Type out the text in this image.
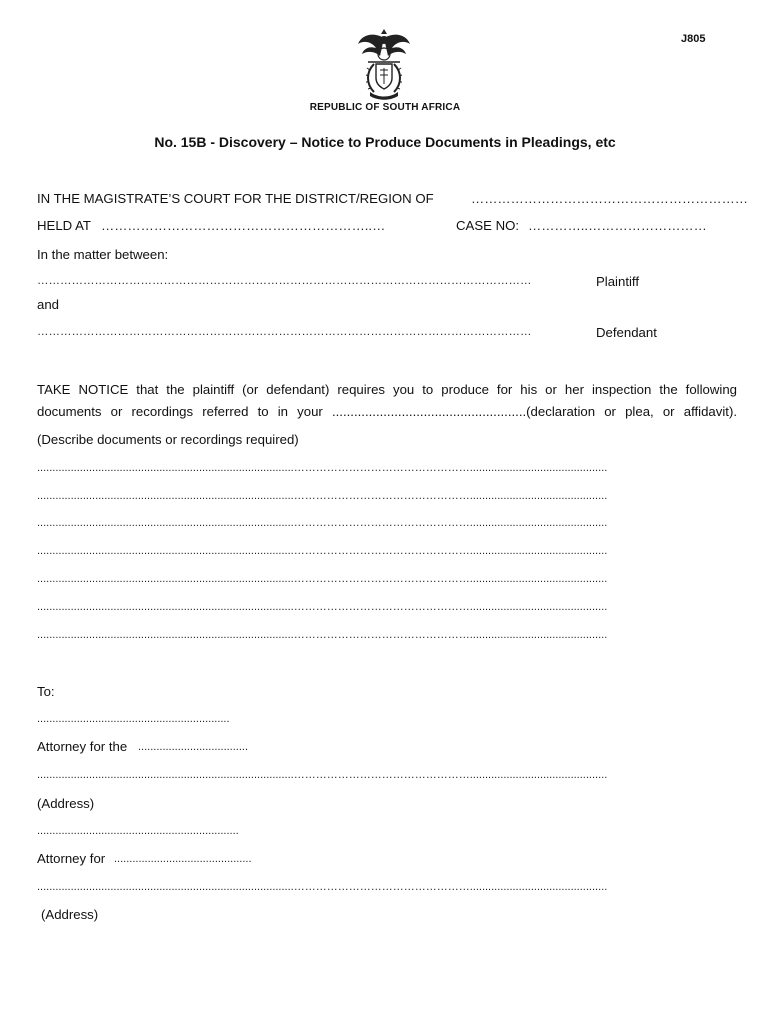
J805
REPUBLIC OF SOUTH AFRICA
No. 15B - Discovery – Notice to Produce Documents in Pleadings, etc
IN THE MAGISTRATE’S COURT FOR THE DISTRICT/REGION OF	………………………………………………………
HELD AT ……………………………………………………..…	CASE NO: …………..………………………
In the matter between:
…………………………………………………………………………………………………………………	Plaintiff
and
…………………………………………………………………………………………………………………	Defendant
TAKE NOTICE that the plaintiff (or defendant) requires you to produce for his or her inspection the following
documents or recordings referred to in your .....................................................(declaration or plea, or affidavit).
(Describe documents or recordings required)
....................................................................................………………………………………….............................................
....................................................................................………………………………………….............................................
....................................................................................………………………………………….............................................
....................................................................................………………………………………….............................................
....................................................................................………………………………………….............................................
....................................................................................………………………………………….............................................
....................................................................................………………………………………….............................................
To:
...............................................................
Attorney for the ....................................
....................................................................................………………………………………….............................................
(Address)
..................................................................
Attorney for .............................................
....................................................................................………………………………………….............................................
(Address)
